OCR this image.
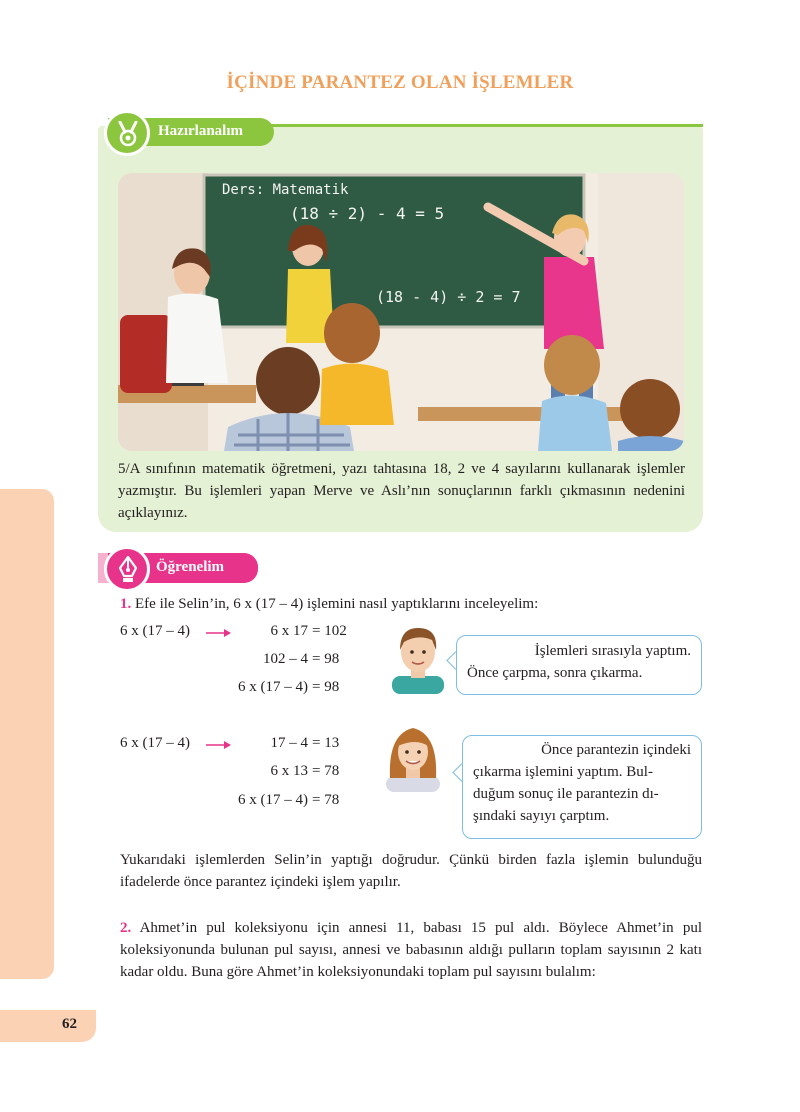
İÇİNDE PARANTEZ OLAN İŞLEMLER
Hazırlanalım
Ders: Matematik
(18 ÷ 2) - 4 = 5
(18 - 4) ÷ 2 = 7
5/A sınıfının matematik öğretmeni, yazı tahtasına 18, 2 ve 4 sayılarını kullanarak işlemler yazmıştır. Bu işlemleri yapan Merve ve Aslı’nın sonuçlarının farklı çıkmasının nedenini açıklayınız.
Öğrenelim
1. Efe ile Selin’in, 6 x (17 – 4) işlemini nasıl yaptıklarını inceleyelim:
6 x (17 – 4)	6 x 17 = 102
102 – 4 = 98
6 x (17 – 4) = 98
İşlemleri sırasıyla yaptım.
Önce çarpma, sonra çıkarma.
6 x (17 – 4)	17 – 4 = 13
6 x 13 = 78
6 x (17 – 4) = 78
Önce parantezin içindeki
çıkarma işlemini yaptım. Bul-
duğum sonuç ile parantezin dı-
şındaki sayıyı çarptım.
Yukarıdaki işlemlerden Selin’in yaptığı doğrudur. Çünkü birden fazla işlemin bulunduğu ifadelerde önce parantez içindeki işlem yapılır.
2. Ahmet’in pul koleksiyonu için annesi 11, babası 15 pul aldı. Böylece Ahmet’in pul koleksiyonunda bulunan pul sayısı, annesi ve babasının aldığı pulların toplam sayısının 2 katı kadar oldu. Buna göre Ahmet’in koleksiyonundaki toplam pul sayısını bulalım:
62
